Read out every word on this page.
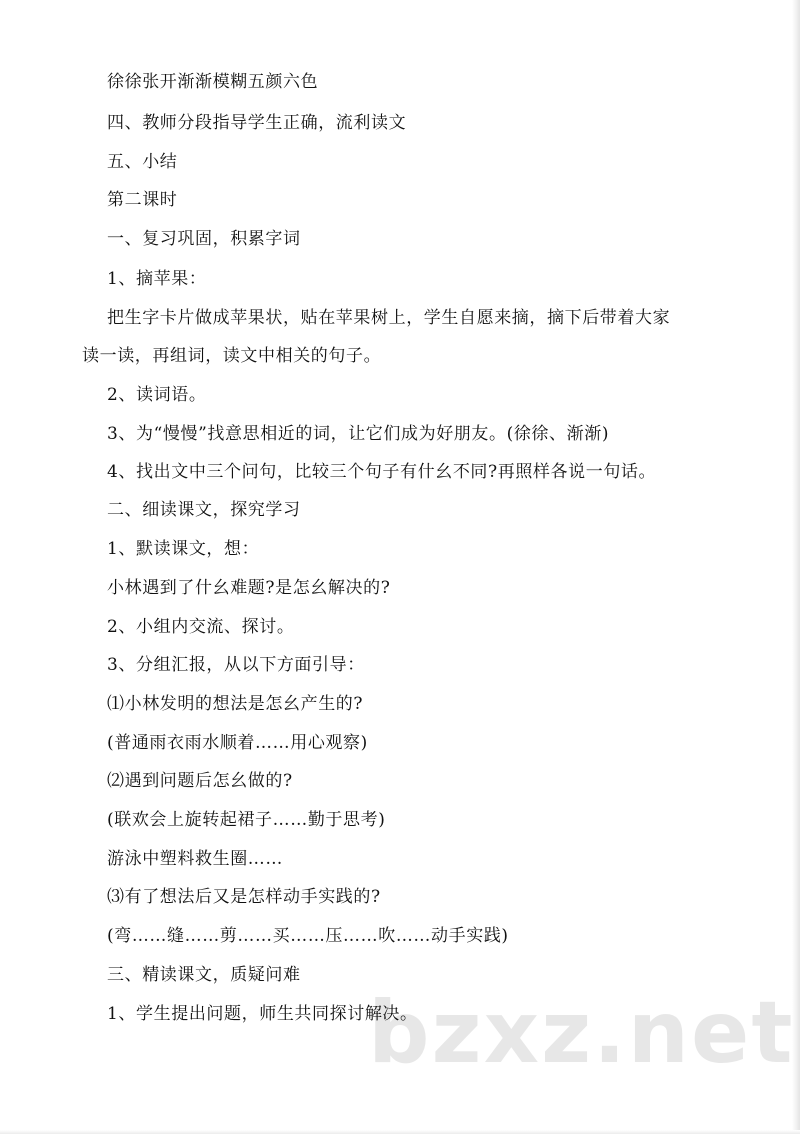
徐徐张开渐渐模糊五颜六色
四、教师分段指导学生正确，流利读文
五、小结
第二课时
一、复习巩固，积累字词
1、摘苹果：
把生字卡片做成苹果状，贴在苹果树上，学生自愿来摘，摘下后带着大家
读一读，再组词，读文中相关的句子。
2、读词语。
3、为“慢慢”找意思相近的词，让它们成为好朋友。(徐徐、渐渐)
4、找出文中三个问句，比较三个句子有什幺不同?再照样各说一句话。
二、细读课文，探究学习
1、默读课文，想：
小林遇到了什幺难题?是怎幺解决的?
2、小组内交流、探讨。
3、分组汇报，从以下方面引导：
⑴小林发明的想法是怎幺产生的?
(普通雨衣雨水顺着……用心观察)
⑵遇到问题后怎幺做的?
(联欢会上旋转起裙子……勤于思考)
游泳中塑料救生圈……
⑶有了想法后又是怎样动手实践的?
(弯……缝……剪……买……压……吹……动手实践)
三、精读课文，质疑问难
1、学生提出问题，师生共同探讨解决。
bzxz.net
